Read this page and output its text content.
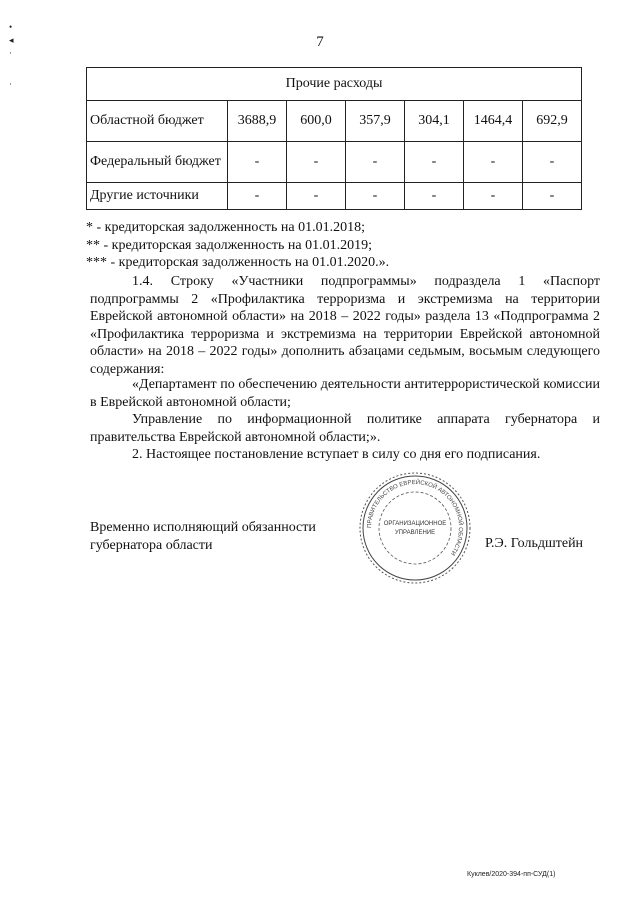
•
◂
·
·
7
Прочие расходы						
Областной бюджет	3688,9	600,0	357,9	304,1	1464,4	692,9
Федеральный бюджет	-	-	-	-	-	-
Другие источники	-	-	-	-	-	-
* - кредиторская задолженность на 01.01.2018;
** - кредиторская задолженность на 01.01.2019;
*** - кредиторская задолженность на 01.01.2020.».
1.4. Строку «Участники подпрограммы» подраздела 1 «Паспорт подпрограммы 2 «Профилактика терроризма и экстремизма на территории Еврейской автономной области» на 2018 – 2022 годы» раздела 13 «Подпрограмма 2 «Профилактика терроризма и экстремизма на территории Еврейской автономной области» на 2018 – 2022 годы» дополнить абзацами седьмым, восьмым следующего содержания:
«Департамент по обеспечению деятельности антитеррористической комиссии в Еврейской автономной области;
Управление по информационной политике аппарата губернатора и правительства Еврейской автономной области;».
2. Настоящее постановление вступает в силу со дня его подписания.
Временно исполняющий обязанности
губернатора области
ПРАВИТЕЛЬСТВО ЕВРЕЙСКОЙ АВТОНОМНОЙ ОБЛАСТИ
ОРГАНИЗАЦИОННОЕ
УПРАВЛЕНИЕ
Р.Э. Гольдштейн
Куклев/2020-394-пп-СУД(1)
